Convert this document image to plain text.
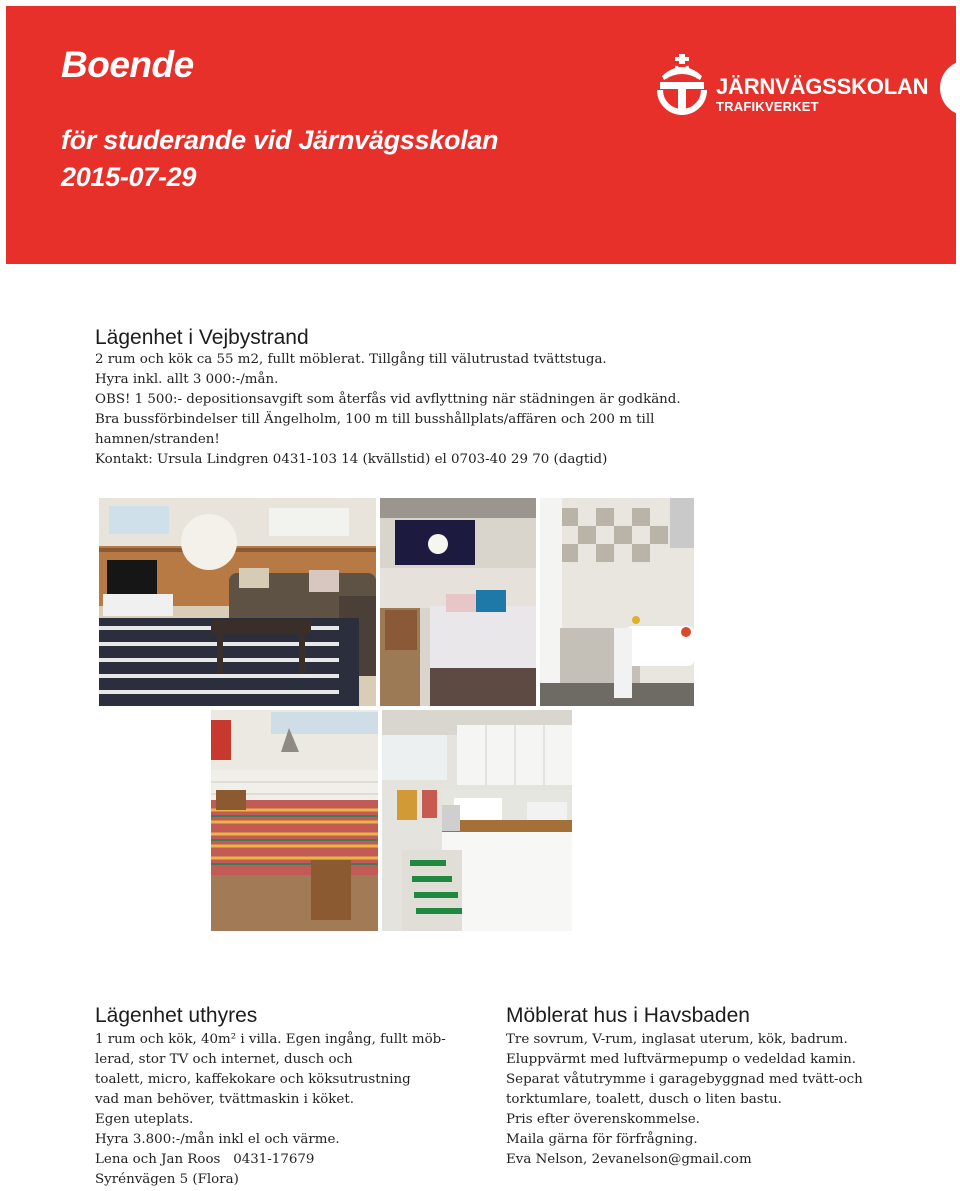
Boende
för studerande vid Järnvägsskolan
2015-07-29
JÄRNVÄGSSKOLAN
TRAFIKVERKET
Lägenhet i Vejbystrand

2 rum och kök ca 55 m2, fullt möblerat. Tillgång till välutrustad tvättstuga.

Hyra inkl. allt 3 000:-/mån.

OBS! 1 500:- depositionsavgift som återfås vid avflyttning när städningen är godkänd.

Bra bussförbindelser till Ängelholm, 100 m till busshållplats/affären och 200 m till

hamnen/stranden!

Kontakt: Ursula Lindgren 0431-103 14 (kvällstid) el 0703-40 29 70 (dagtid)

Lägenhet uthyres

1 rum och kök, 40m² i villa. Egen ingång, fullt möb-

lerad, stor TV och internet, dusch och

toalett, micro, kaffekokare och köksutrustning

vad man behöver, tvättmaskin i köket.

Egen uteplats.

Hyra 3.800:-/mån inkl el och värme.

Lena och Jan Roos   0431-17679

Syrénvägen 5 (Flora)

Möblerat hus i Havsbaden

Tre sovrum, V-rum, inglasat uterum, kök, badrum.

Eluppvärmt med luftvärmepump o vedeldad kamin.

Separat våtutrymme i garagebyggnad med tvätt-och

torktumlare, toalett, dusch o liten bastu.

Pris efter överenskommelse.

Maila gärna för förfrågning.

Eva Nelson, 2evanelson@gmail.com
